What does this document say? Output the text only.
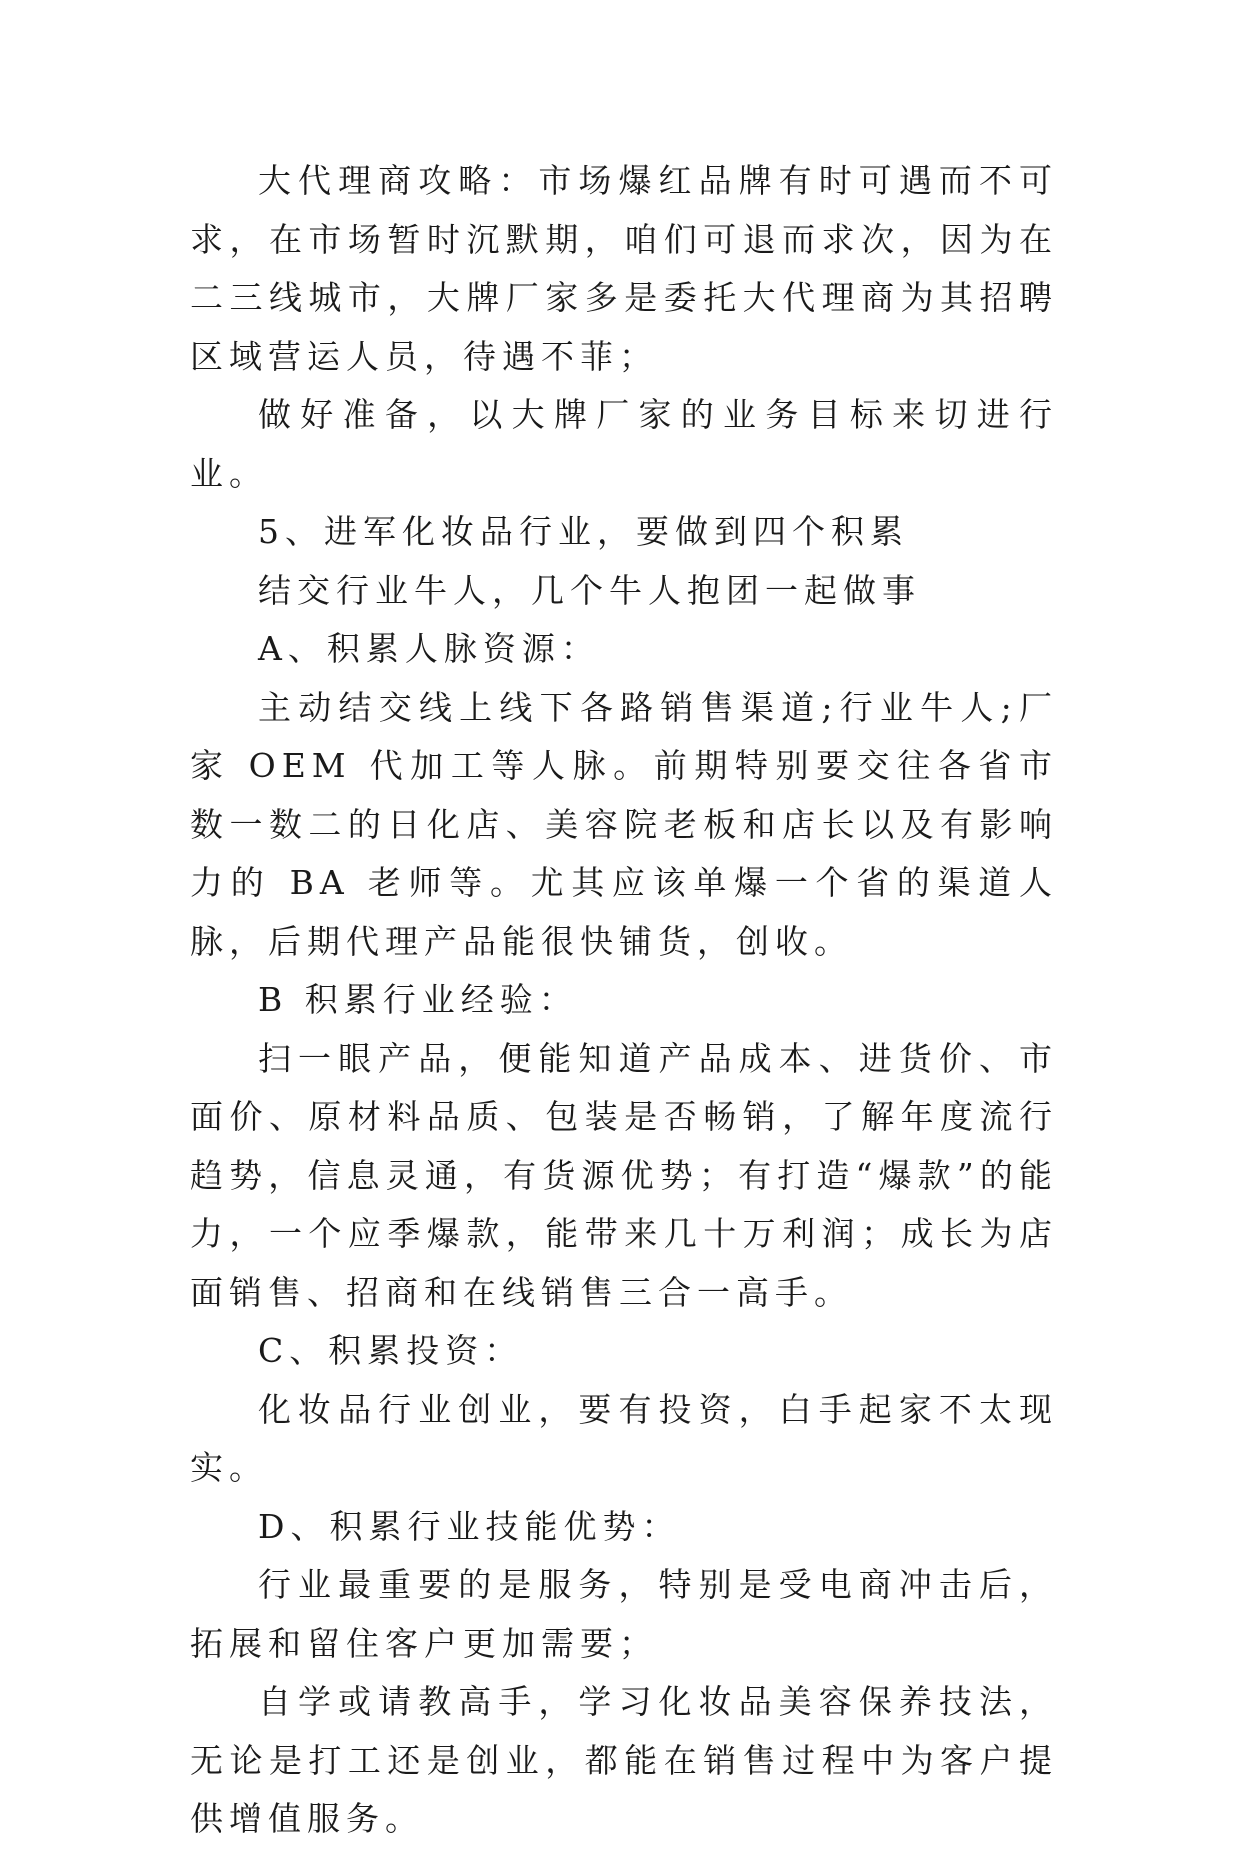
大代理商攻略：市场爆红品牌有时可遇而不可求，在市场暂时沉默期，咱们可退而求次，因为在二三线城市，大牌厂家多是委托大代理商为其招聘区域营运人员，待遇不菲；

做好准备，以大牌厂家的业务目标来切进行业。

5、进军化妆品行业，要做到四个积累

结交行业牛人，几个牛人抱团一起做事

A、积累人脉资源：

主动结交线上线下各路销售渠道;行业牛人;厂家 OEM 代加工等人脉。前期特别要交往各省市数一数二的日化店、美容院老板和店长以及有影响力的 BA 老师等。尤其应该单爆一个省的渠道人脉，后期代理产品能很快铺货，创收。

B 积累行业经验：

扫一眼产品，便能知道产品成本、进货价、市面价、原材料品质、包装是否畅销，了解年度流行趋势，信息灵通，有货源优势；有打造“爆款”的能力，一个应季爆款，能带来几十万利润；成长为店面销售、招商和在线销售三合一高手。

C、积累投资：

化妆品行业创业，要有投资，白手起家不太现实。

D、积累行业技能优势：

行业最重要的是服务，特别是受电商冲击后，拓展和留住客户更加需要；

自学或请教高手，学习化妆品美容保养技法，无论是打工还是创业，都能在销售过程中为客户提供增值服务。
